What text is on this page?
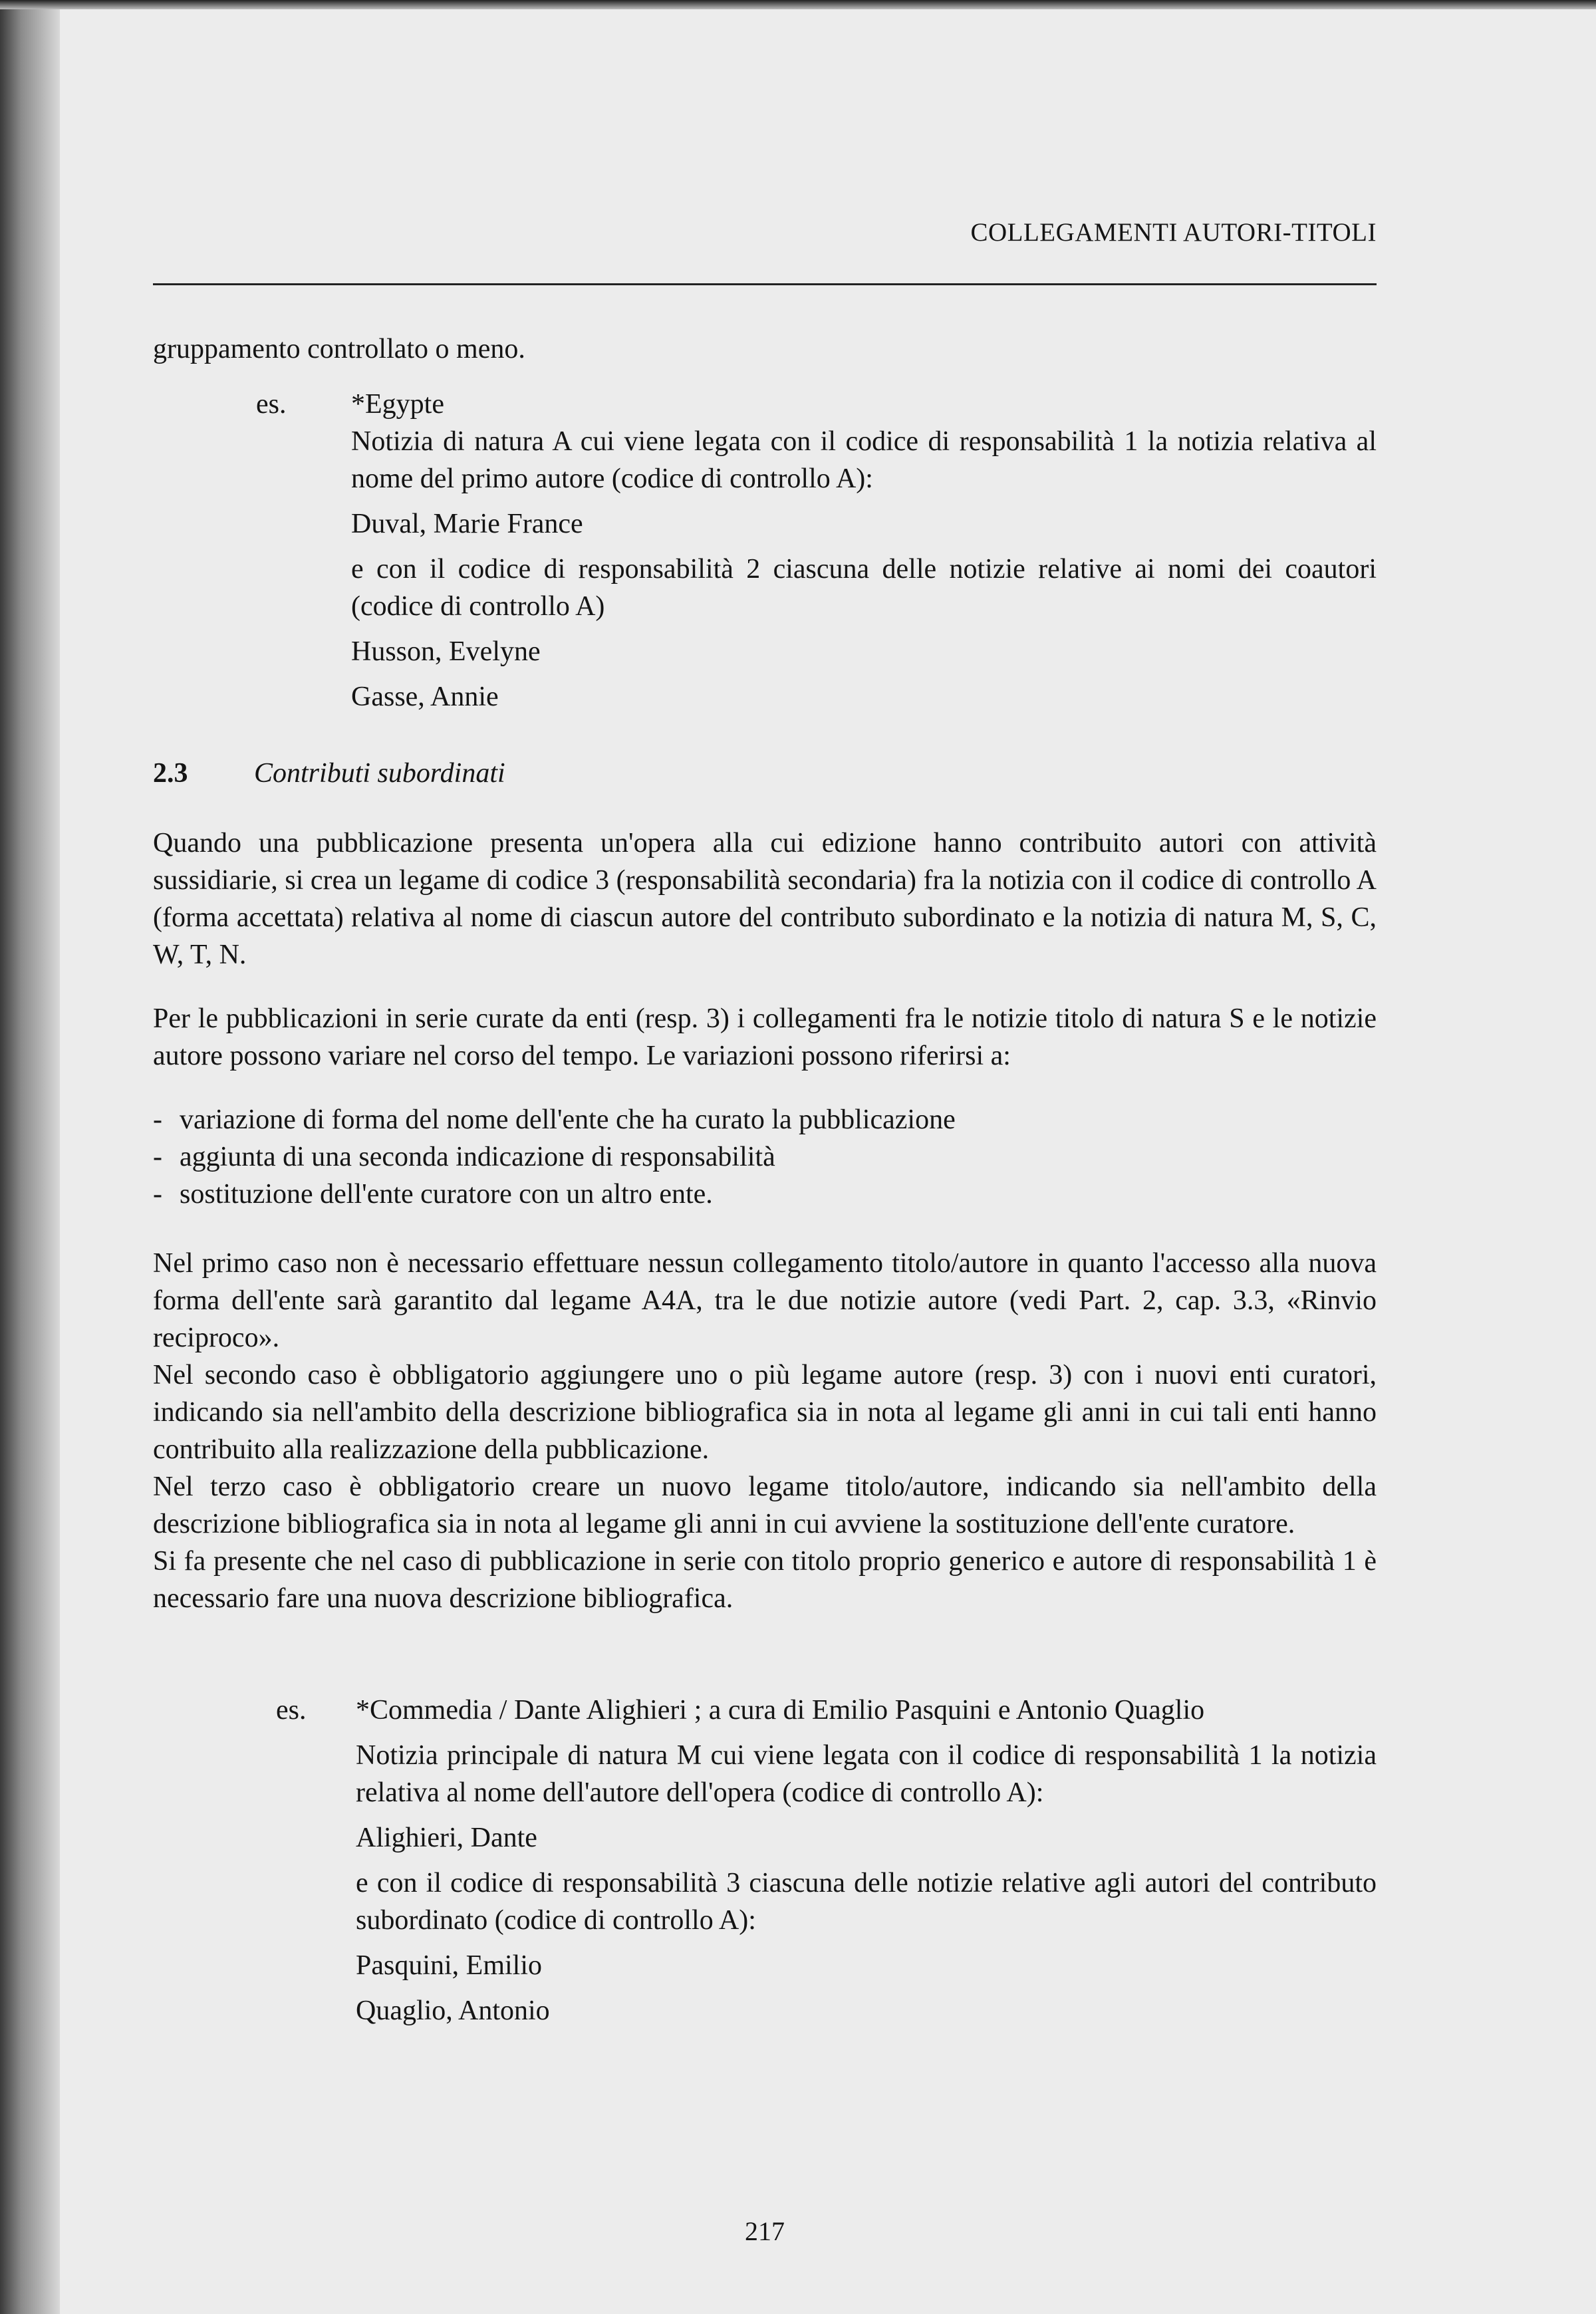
COLLEGAMENTI AUTORI-TITOLI

gruppamento controllato o meno.

es. *Egypte

Notizia di natura A cui viene legata con il codice di responsabilità 1 la notizia relativa al nome del primo autore (codice di controllo A):

Duval, Marie France

e con il codice di responsabilità 2 ciascuna delle notizie relative ai nomi dei coautori (codice di controllo A)

Husson, Evelyne

Gasse, Annie

2.3 Contributi subordinati

Quando una pubblicazione presenta un'opera alla cui edizione hanno contribuito autori con attività sussidiarie, si crea un legame di codice 3 (responsabilità secondaria) fra la notizia con il codice di controllo A (forma accettata) relativa al nome di ciascun autore del contributo subordinato e la notizia di natura M, S, C, W, T, N.

Per le pubblicazioni in serie curate da enti (resp. 3) i collegamenti fra le notizie titolo di natura S e le notizie autore possono variare nel corso del tempo. Le variazioni possono riferirsi a:

- variazione di forma del nome dell'ente che ha curato la pubblicazione
- aggiunta di una seconda indicazione di responsabilità
- sostituzione dell'ente curatore con un altro ente.

Nel primo caso non è necessario effettuare nessun collegamento titolo/autore in quanto l'accesso alla nuova forma dell'ente sarà garantito dal legame A4A, tra le due notizie autore (vedi Part. 2, cap. 3.3, «Rinvio reciproco».

Nel secondo caso è obbligatorio aggiungere uno o più legame autore (resp. 3) con i nuovi enti curatori, indicando sia nell'ambito della descrizione bibliografica sia in nota al legame gli anni in cui tali enti hanno contribuito alla realizzazione della pubblicazione.

Nel terzo caso è obbligatorio creare un nuovo legame titolo/autore, indicando sia nell'ambito della descrizione bibliografica sia in nota al legame gli anni in cui avviene la sostituzione dell'ente curatore.

Si fa presente che nel caso di pubblicazione in serie con titolo proprio generico e autore di responsabilità 1 è necessario fare una nuova descrizione bibliografica.

es. *Commedia / Dante Alighieri ; a cura di Emilio Pasquini e Antonio Quaglio

Notizia principale di natura M cui viene legata con il codice di responsabilità 1 la notizia relativa al nome dell'autore dell'opera (codice di controllo A):

Alighieri, Dante

e con il codice di responsabilità 3 ciascuna delle notizie relative agli autori del contributo subordinato (codice di controllo A):

Pasquini, Emilio

Quaglio, Antonio

217
